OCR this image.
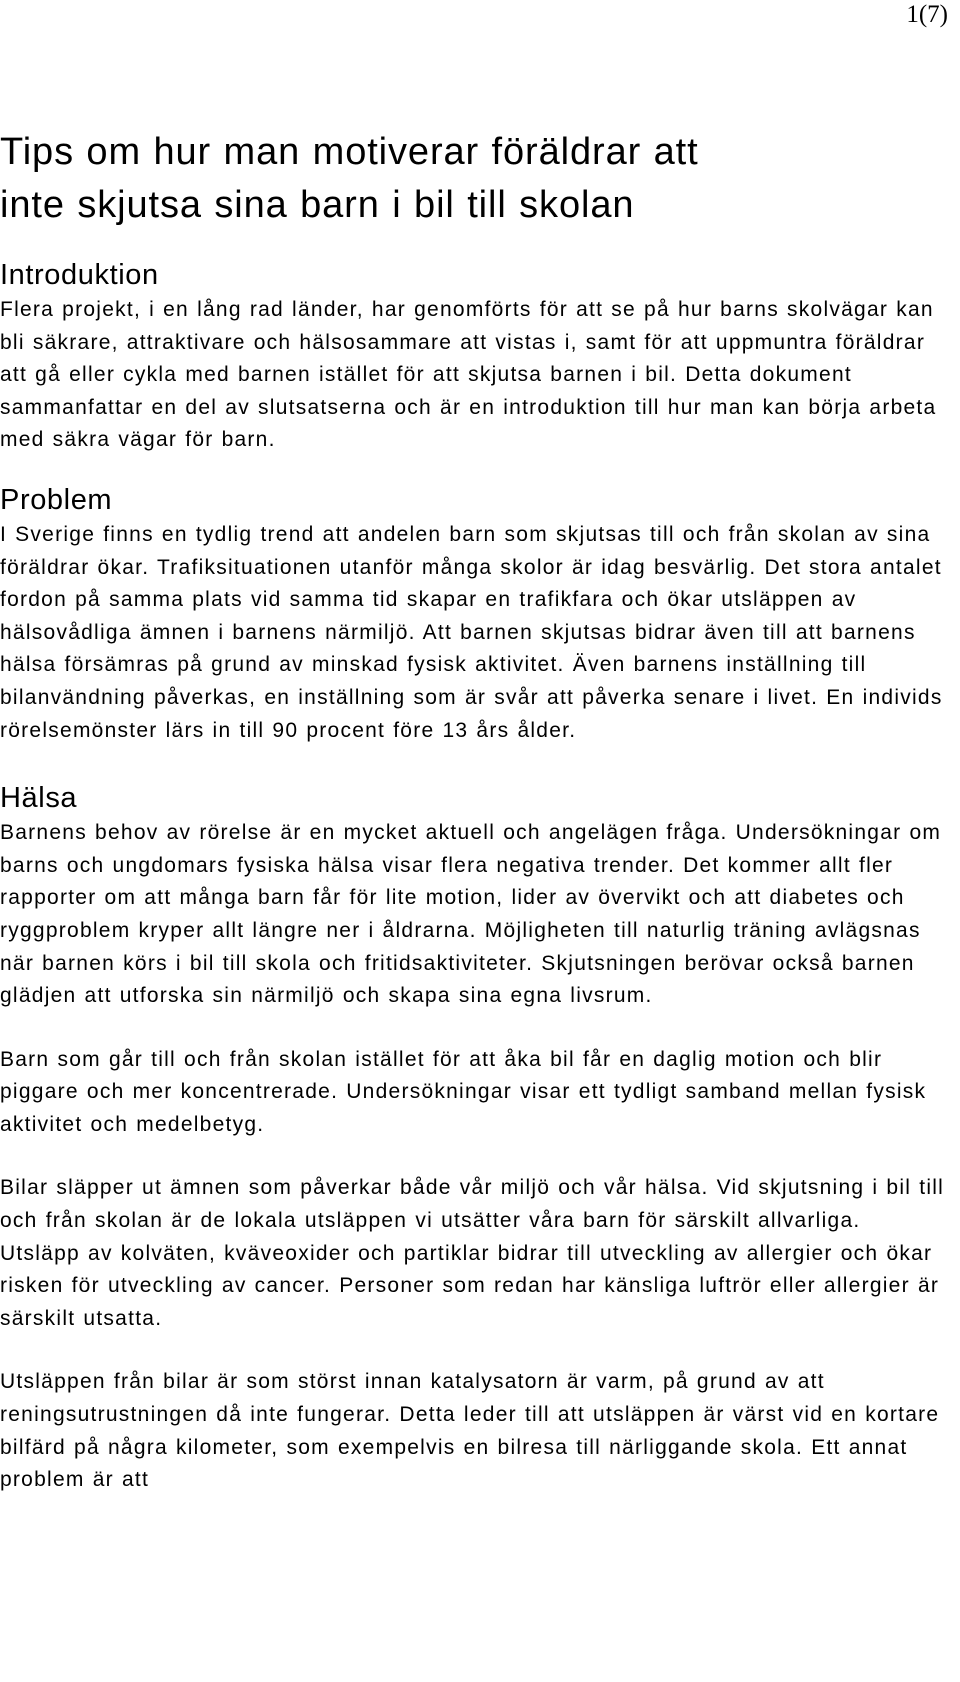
1(7)
Tips om hur man motiverar föräldrar att
inte skjutsa sina barn i bil till skolan
Introduktion

Flera projekt, i en lång rad länder, har genomförts för att se på hur barns skolvägar kan bli säkrare, attraktivare och hälsosammare att vistas i, samt för att uppmuntra föräldrar att gå eller cykla med barnen istället för att skjutsa barnen i bil. Detta dokument sammanfattar en del av slutsatserna och är en introduktion till hur man kan börja arbeta med säkra vägar för barn.

Problem

I Sverige finns en tydlig trend att andelen barn som skjutsas till och från skolan av sina föräldrar ökar. Trafiksituationen utanför många skolor är idag besvärlig. Det stora antalet fordon på samma plats vid samma tid skapar en trafikfara och ökar utsläppen av hälsovådliga ämnen i barnens närmiljö. Att barnen skjutsas bidrar även till att barnens hälsa försämras på grund av minskad fysisk aktivitet. Även barnens inställning till bilanvändning påverkas, en inställning som är svår att påverka senare i livet. En individs rörelsemönster lärs in till 90 procent före 13 års ålder.

Hälsa

Barnens behov av rörelse är en mycket aktuell och angelägen fråga. Undersökningar om barns och ungdomars fysiska hälsa visar flera negativa trender. Det kommer allt fler rapporter om att många barn får för lite motion, lider av övervikt och att diabetes och ryggproblem kryper allt längre ner i åldrarna. Möjligheten till naturlig träning avlägsnas när barnen körs i bil till skola och fritidsaktiviteter. Skjutsningen berövar också barnen glädjen att utforska sin närmiljö och skapa sina egna livsrum.

Barn som går till och från skolan istället för att åka bil får en daglig motion och blir piggare och mer koncentrerade. Undersökningar visar ett tydligt samband mellan fysisk aktivitet och medelbetyg.

Bilar släpper ut ämnen som påverkar både vår miljö och vår hälsa. Vid skjutsning i bil till och från skolan är de lokala utsläppen vi utsätter våra barn för särskilt allvarliga. Utsläpp av kolväten, kväveoxider och partiklar bidrar till utveckling av allergier och ökar risken för utveckling av cancer. Personer som redan har känsliga luftrör eller allergier är särskilt utsatta.

Utsläppen från bilar är som störst innan katalysatorn är varm, på grund av att reningsutrustningen då inte fungerar. Detta leder till att utsläppen är värst vid en kortare bilfärd på några kilometer, som exempelvis en bilresa till närliggande skola. Ett annat problem är att
